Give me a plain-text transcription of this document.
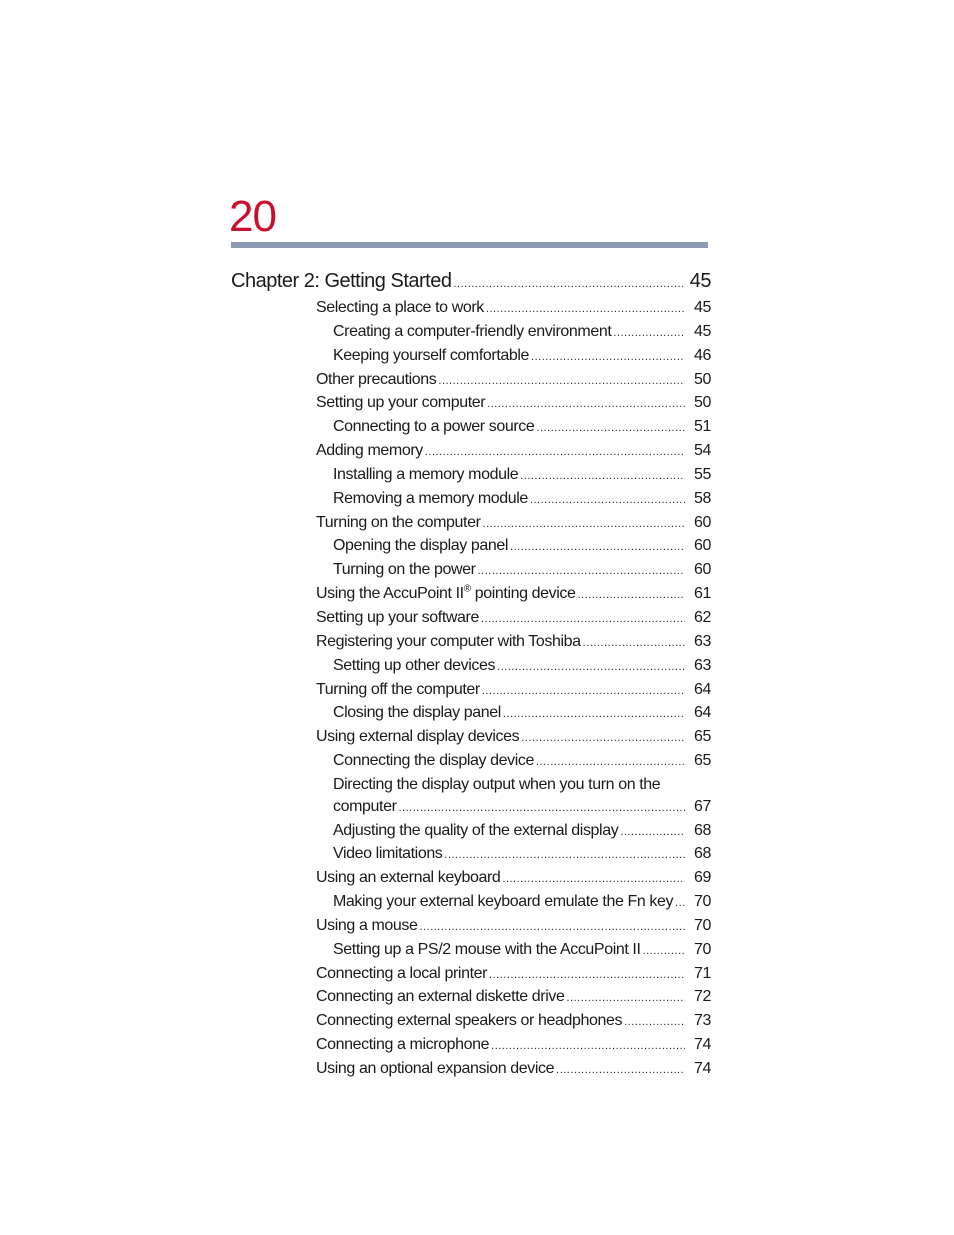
20
Chapter 2: Getting Started .....	45
Selecting a place to work .....	45
Creating a computer-friendly environment .....	45
Keeping yourself comfortable .....	46
Other precautions .....	50
Setting up your computer .....	50
Connecting to a power source .....	51
Adding memory .....	54
Installing a memory module .....	55
Removing a memory module .....	58
Turning on the computer .....	60
Opening the display panel .....	60
Turning on the power .....	60
Using the AccuPoint II® pointing device .....	61
Setting up your software .....	62
Registering your computer with Toshiba .....	63
Setting up other devices .....	63
Turning off the computer .....	64
Closing the display panel .....	64
Using external display devices .....	65
Connecting the display device .....	65
Directing the display output when you turn on the
computer .....	67
Adjusting the quality of the external display .....	68
Video limitations .....	68
Using an external keyboard .....	69
Making your external keyboard emulate the Fn key .....	70
Using a mouse .....	70
Setting up a PS/2 mouse with the AccuPoint II .....	70
Connecting a local printer .....	71
Connecting an external diskette drive .....	72
Connecting external speakers or headphones .....	73
Connecting a microphone .....	74
Using an optional expansion device .....	74
